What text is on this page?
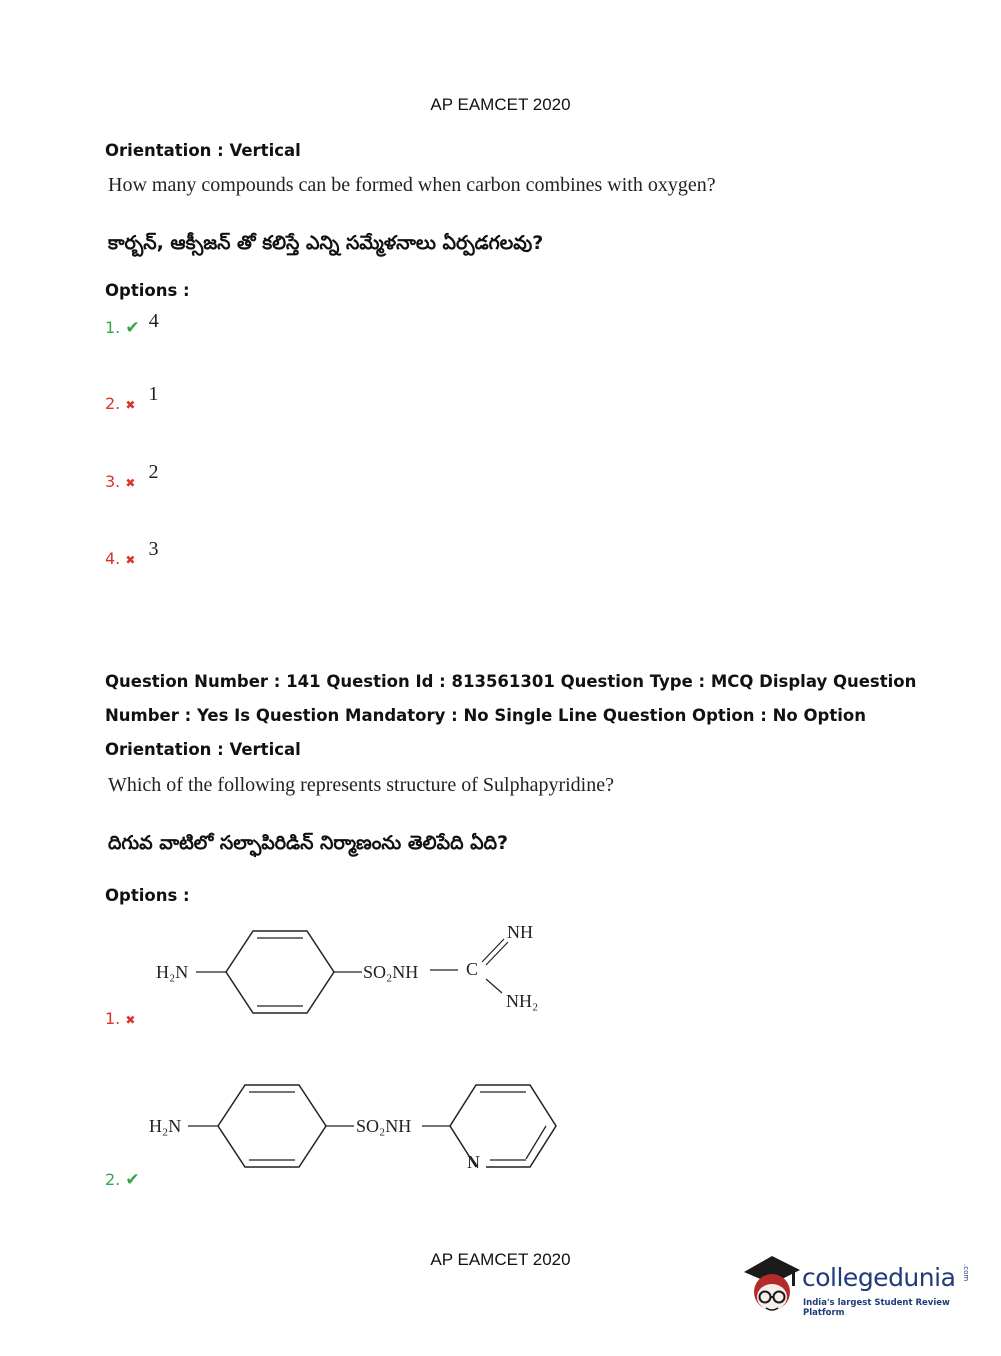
AP EAMCET 2020
Orientation : Vertical
How many compounds can be formed when carbon combines with oxygen?
కార్బన్, ఆక్సీజన్ తో కలిస్తే ఎన్ని సమ్మేళనాలు ఏర్పడగలవు?
Options :
1. ✔ 4
2. ✖ 1
3. ✖ 2
4. ✖ 3
Question Number : 141 Question Id : 813561301 Question Type : MCQ Display Question
Number : Yes Is Question Mandatory : No Single Line Question Option : No Option
Orientation : Vertical
Which of the following represents structure of Sulphapyridine?
దిగువ వాటిలో సల్ఫాపిరిడిన్ నిర్మాణంను తెలిపేది ఏది?
Options :
H₂N	SO₂NH	C
NH
NH₂
1. ✖
H₂N	SO₂NH
N
2. ✔
AP EAMCET 2020
collegedunia .com
India's largest Student Review Platform
